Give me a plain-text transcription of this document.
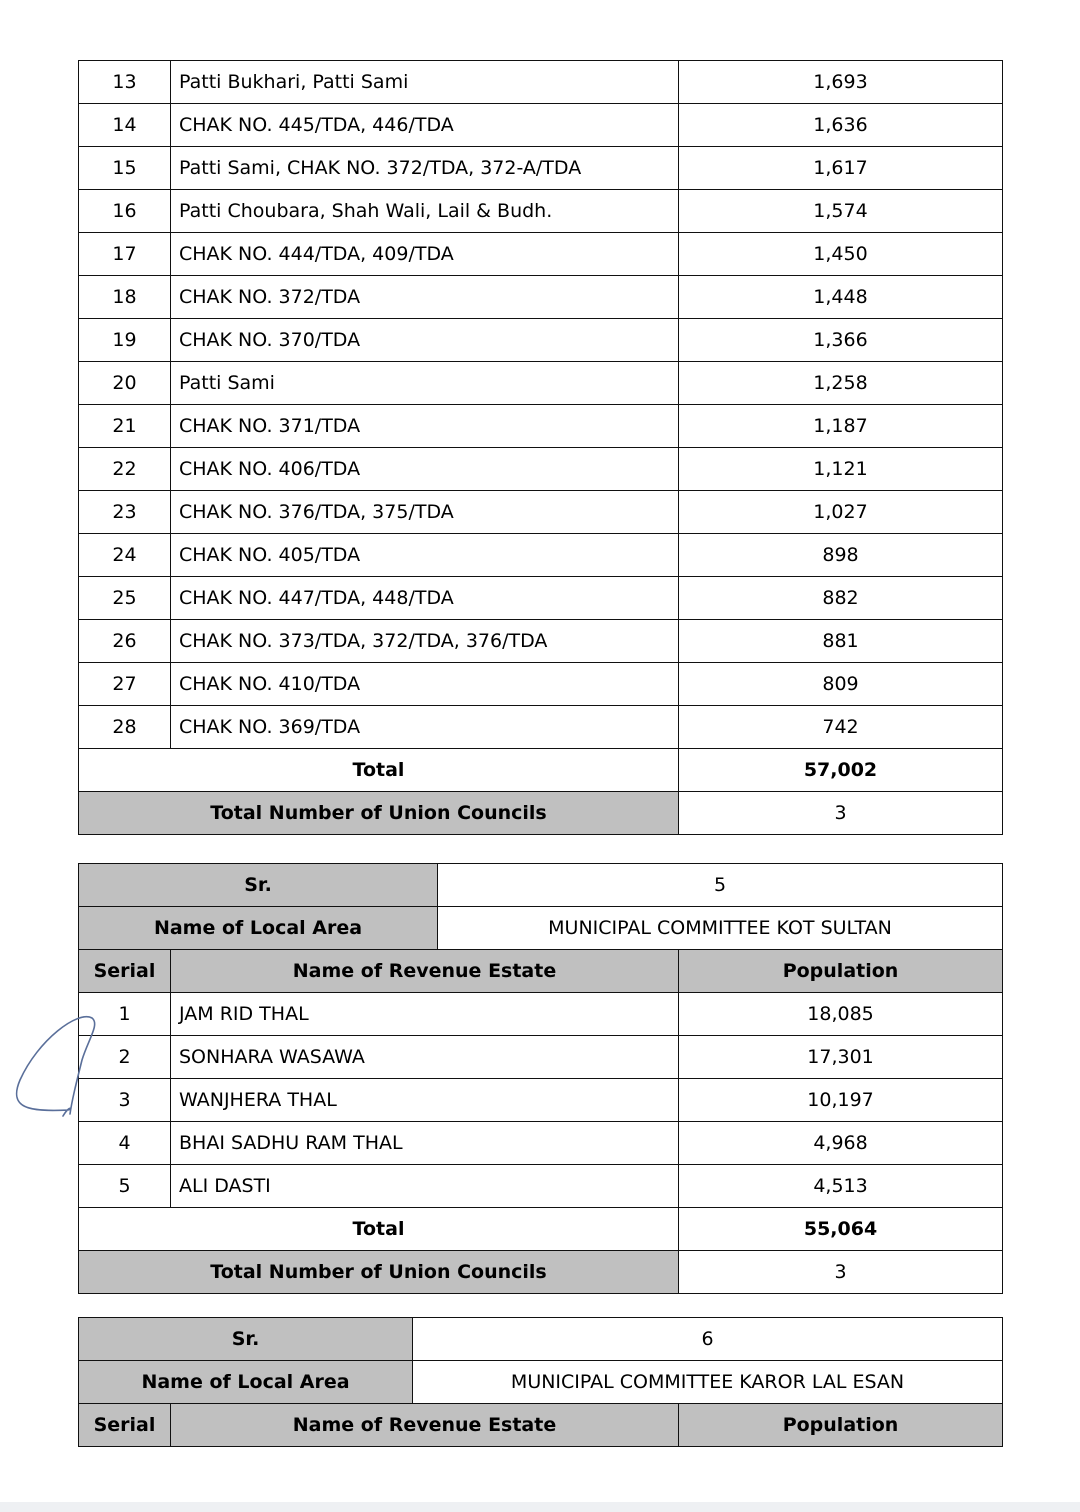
13	Patti Bukhari, Patti Sami	1,693
14	CHAK NO. 445/TDA, 446/TDA	1,636
15	Patti Sami, CHAK NO. 372/TDA, 372-A/TDA	1,617
16	Patti Choubara, Shah Wali, Lail & Budh.	1,574
17	CHAK NO. 444/TDA, 409/TDA	1,450
18	CHAK NO. 372/TDA	1,448
19	CHAK NO. 370/TDA	1,366
20	Patti Sami	1,258
21	CHAK NO. 371/TDA	1,187
22	CHAK NO. 406/TDA	1,121
23	CHAK NO. 376/TDA, 375/TDA	1,027
24	CHAK NO. 405/TDA	898
25	CHAK NO. 447/TDA, 448/TDA	882
26	CHAK NO. 373/TDA, 372/TDA, 376/TDA	881
27	CHAK NO. 410/TDA	809
28	CHAK NO. 369/TDA	742
Total		57,002
Total Number of Union Councils		3
Sr.		5	
Name of Local Area		MUNICIPAL COMMITTEE KOT SULTAN	
Serial	Name of Revenue Estate		Population
1	JAM RID THAL		18,085
2	SONHARA WASAWA		17,301
3	WANJHERA THAL		10,197
4	BHAI SADHU RAM THAL		4,968
5	ALI DASTI		4,513
Total			55,064
Total Number of Union Councils			3
Sr.		6	
Name of Local Area		MUNICIPAL COMMITTEE KAROR LAL ESAN	
Serial	Name of Revenue Estate		Population
